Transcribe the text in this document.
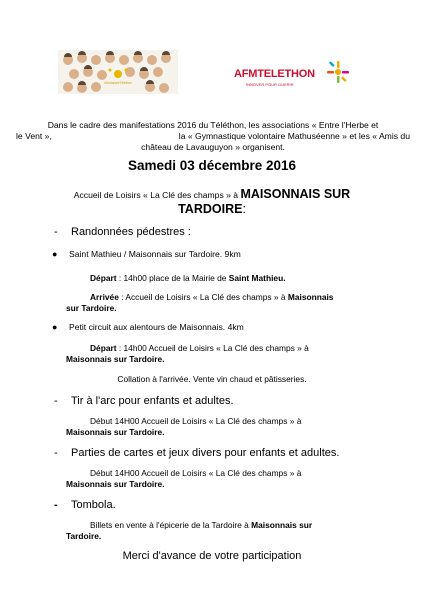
#OndansleTéléthon
AFMTELETHON
INNOVER POUR GUERIR
Dans le cadre des manifestations 2016 du Téléthon, les associations « Entre l'Herbe et
le Vent »,	la « Gymnastique volontaire Mathuséenne » et les « Amis du
château de Lavauguyon » organisent.
Samedi 03 décembre 2016
Accueil de Loisirs « La Clé des champs » à MAISONNAIS SUR
TARDOIRE:
- Randonnées pédestres :
● Saint Mathieu / Maisonnais sur Tardoire. 9km
Départ : 14h00 place de la Mairie de Saint Mathieu.
Arrivée : Accueil de Loisirs « La Clé des champs » à Maisonnais
sur Tardoire.
● Petit circuit aux alentours de Maisonnais. 4km
Départ : 14h00 Accueil de Loisirs « La Clé des champs » à
Maisonnais sur Tardoire.
Collation à l'arrivée. Vente vin chaud et pâtisseries.
- Tir à l'arc pour enfants et adultes.
Début 14H00 Accueil de Loisirs « La Clé des champs » à
Maisonnais sur Tardoire.
- Parties de cartes et jeux divers pour enfants et adultes.
Début 14H00 Accueil de Loisirs « La Clé des champs » à
Maisonnais sur Tardoire.
- Tombola.
Billets en vente à l'épicerie de la Tardoire à Maisonnais sur
Tardoire.
Merci d'avance de votre participation
